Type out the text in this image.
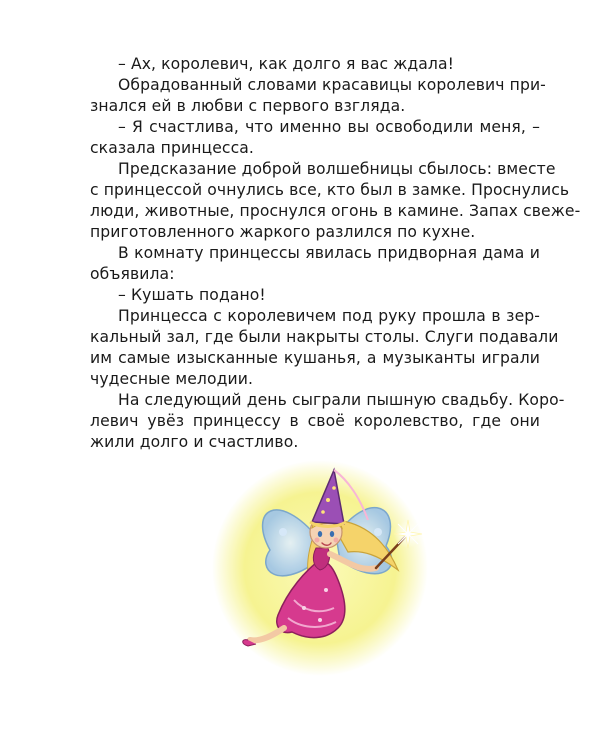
– Ах, королевич, как долго я вас ждала!
Обрадованный словами красавицы королевич при-
знался ей в любви с первого взгляда.
– Я счастлива, что именно вы освободили меня, –
сказала принцесса.
Предсказание доброй волшебницы сбылось: вместе
с принцессой очнулись все, кто был в замке. Проснулись
люди, животные, проснулся огонь в камине. Запах свеже-
приготовленного жаркого разлился по кухне.
В комнату принцессы явилась придворная дама и
объявила:
– Кушать подано!
Принцесса с королевичем под руку прошла в зер-
кальный зал, где были накрыты столы. Слуги подавали
им самые изысканные кушанья, а музыканты играли
чудесные мелодии.
На следующий день сыграли пышную свадьбу. Коро-
левич увёз принцессу в своё королевство, где они
жили долго и счастливо.
